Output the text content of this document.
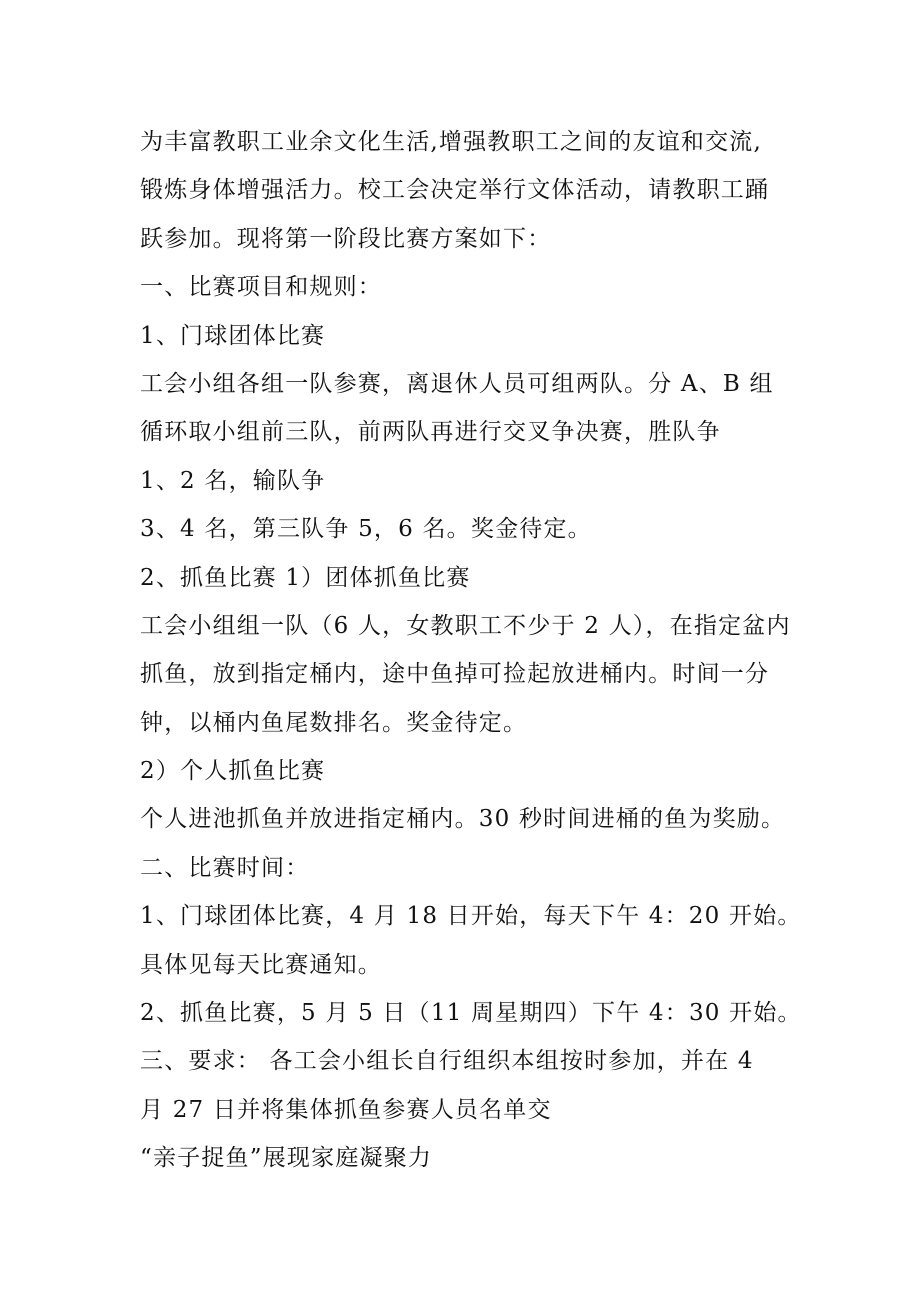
为丰富教职工业余文化生活,增强教职工之间的友谊和交流,
锻炼身体增强活力。校工会决定举行文体活动，请教职工踊
跃参加。现将第一阶段比赛方案如下：
一、比赛项目和规则：
1、门球团体比赛
工会小组各组一队参赛，离退休人员可组两队。分 A、B 组
循环取小组前三队，前两队再进行交叉争决赛，胜队争
1、2 名，输队争
3、4 名，第三队争 5，6 名。奖金待定。
2、抓鱼比赛 1）团体抓鱼比赛
工会小组组一队（6 人，女教职工不少于 2 人），在指定盆内
抓鱼，放到指定桶内，途中鱼掉可捡起放进桶内。时间一分
钟，以桶内鱼尾数排名。奖金待定。
2）个人抓鱼比赛
个人进池抓鱼并放进指定桶内。30 秒时间进桶的鱼为奖励。
二、比赛时间：
1、门球团体比赛，4 月 18 日开始，每天下午 4：20 开始。
具体见每天比赛通知。
2、抓鱼比赛，5 月 5 日（11 周星期四）下午 4：30 开始。
三、要求： 各工会小组长自行组织本组按时参加，并在 4
月 27 日并将集体抓鱼参赛人员名单交
“亲子捉鱼”展现家庭凝聚力
